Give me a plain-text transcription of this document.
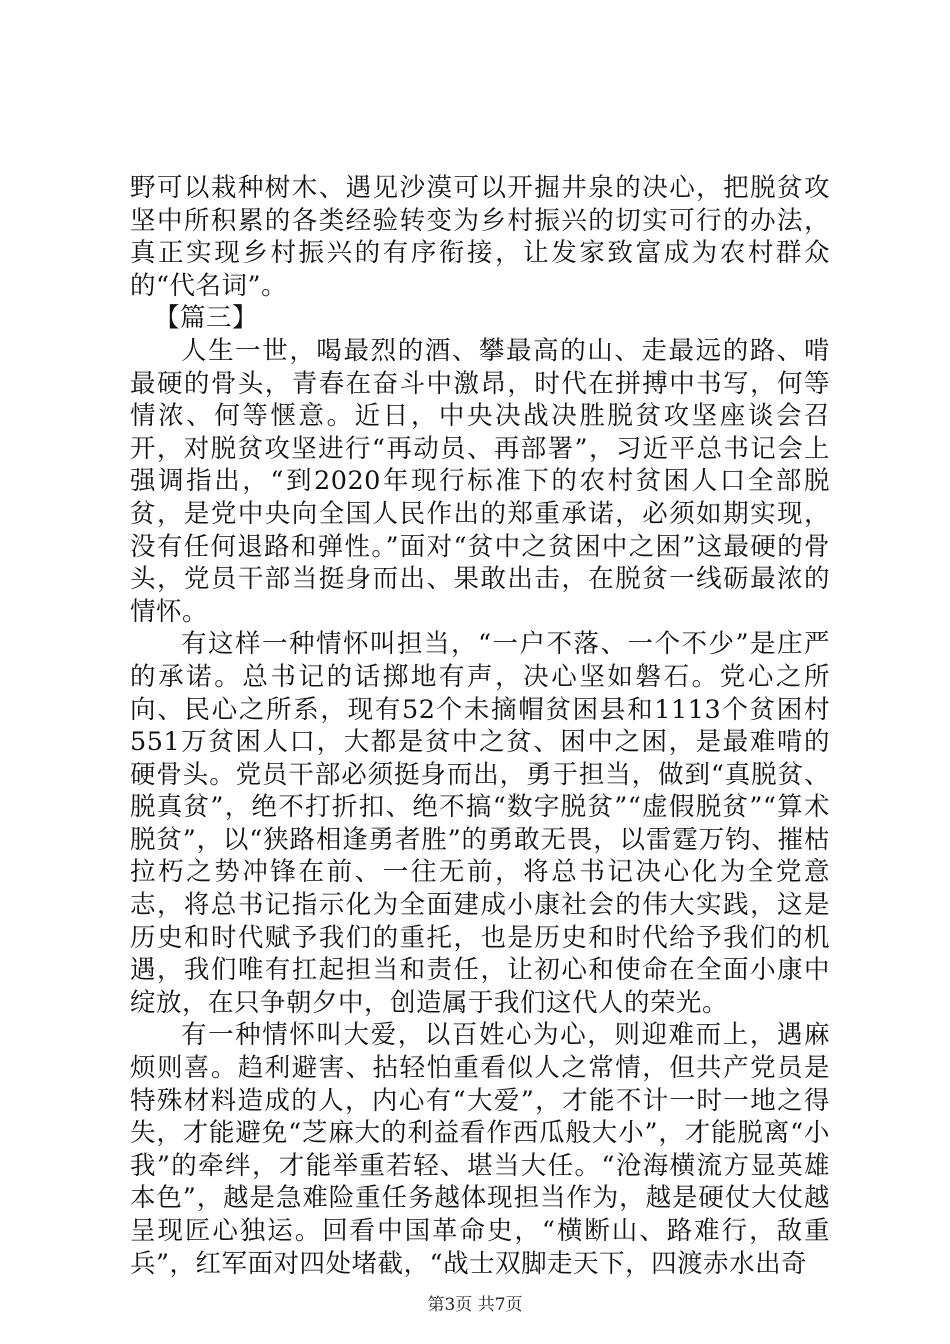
野可以栽种树木、遇见沙漠可以开掘井泉的决心，把脱贫攻坚中所积累的各类经验转变为乡村振兴的切实可行的办法，真正实现乡村振兴的有序衔接，让发家致富成为农村群众的“代名词”。

【篇三】

人生一世，喝最烈的酒、攀最高的山、走最远的路、啃最硬的骨头，青春在奋斗中激昂，时代在拼搏中书写，何等情浓、何等惬意。近日，中央决战决胜脱贫攻坚座谈会召开，对脱贫攻坚进行“再动员、再部署”，习近平总书记会上强调指出，“到2020年现行标准下的农村贫困人口全部脱贫，是党中央向全国人民作出的郑重承诺，必须如期实现，没有任何退路和弹性。”面对“贫中之贫困中之困”这最硬的骨头，党员干部当挺身而出、果敢出击，在脱贫一线砺最浓的情怀。

有这样一种情怀叫担当，“一户不落、一个不少”是庄严的承诺。总书记的话掷地有声，决心坚如磐石。党心之所向、民心之所系，现有52个未摘帽贫困县和1113个贫困村551万贫困人口，大都是贫中之贫、困中之困，是最难啃的硬骨头。党员干部必须挺身而出，勇于担当，做到“真脱贫、脱真贫”，绝不打折扣、绝不搞“数字脱贫”“虚假脱贫”“算术脱贫”，以“狭路相逢勇者胜”的勇敢无畏，以雷霆万钧、摧枯拉朽之势冲锋在前、一往无前，将总书记决心化为全党意志，将总书记指示化为全面建成小康社会的伟大实践，这是历史和时代赋予我们的重托，也是历史和时代给予我们的机遇，我们唯有扛起担当和责任，让初心和使命在全面小康中绽放，在只争朝夕中，创造属于我们这代人的荣光。

有一种情怀叫大爱，以百姓心为心，则迎难而上，遇麻烦则喜。趋利避害、拈轻怕重看似人之常情，但共产党员是特殊材料造成的人，内心有“大爱”，才能不计一时一地之得失，才能避免“芝麻大的利益看作西瓜般大小”，才能脱离“小我”的牵绊，才能举重若轻、堪当大任。“沧海横流方显英雄本色”，越是急难险重任务越体现担当作为，越是硬仗大仗越呈现匠心独运。回看中国革命史，“横断山、路难行，敌重兵”，红军面对四处堵截，“战士双脚走天下，四渡赤水出奇

第3页 共7页
